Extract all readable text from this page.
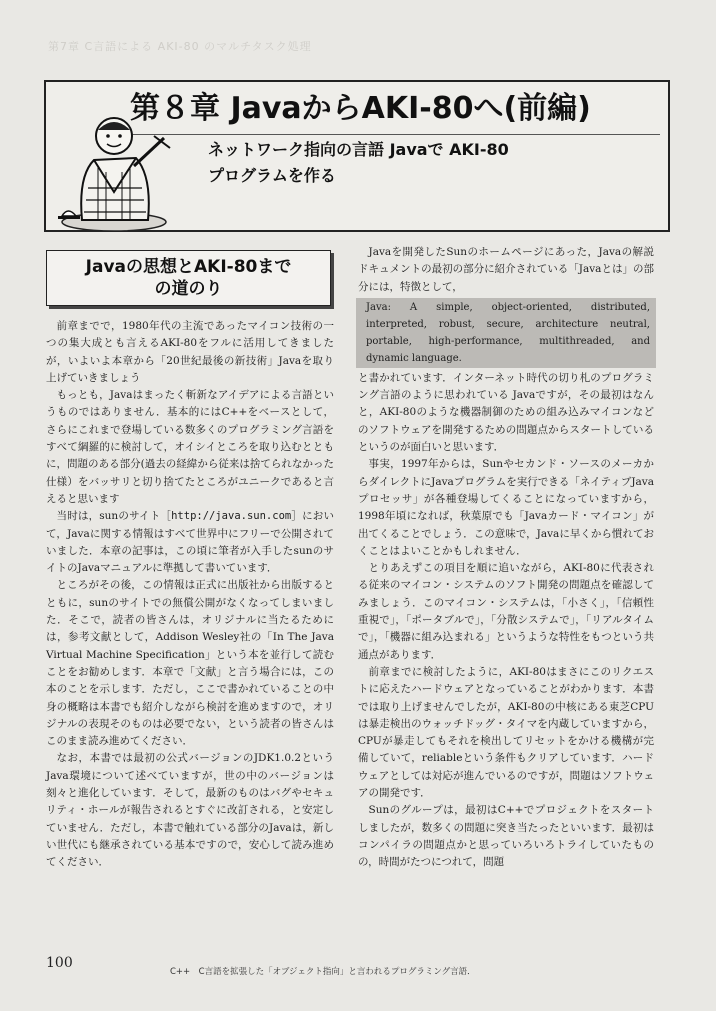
第7章 C言語による AKI-80 のマルチタスク処理
第８章 JavaからAKI-80へ(前編)
ネットワーク指向の言語 Javaで AKI-80
プログラムを作る
Javaの思想とAKI-80まで
の道のり

前章までで，1980年代の主流であったマイコン技術の一つの集大成とも言えるAKI-80をフルに活用してきましたが，いよいよ本章から「20世紀最後の新技術」Javaを取り上げていきましょう

もっとも，Javaはまったく斬新なアイデアによる言語というものではありません．基本的にはC++をベースとして，さらにこれまで登場している数多くのプログラミング言語をすべて綱羅的に検討して，オイシイところを取り込むとともに，問題のある部分(過去の経緯から従来は捨てられなかった仕様）をバッサリと切り捨てたところがユニークであると言えると思います

当时は，sunのサイト［http://java.sun.com］において，Javaに関する情報はすべて世界中にフリーで公開されていました．本章の記事は，この頃に筆者が入手したsunのサイトのJavaマニュアルに準拠して書いています．

ところがその後，この情報は正式に出版社から出版するとともに，sunのサイトでの無償公開がなくなってしまいました．そこで，読者の皆さんは，オリジナルに当たるためには，参考文献として，Addison Wesley社の「In The Java Virtual Machine Specification」という本を並行して読むことをお勧めします．本章で「文献」と言う場合には，この本のことを示します．ただし，ここで書かれていることの中身の概略は本書でも紹介しながら検討を進めますので，オリジナルの表現そのものは必要でない，という読者の皆さんはこのまま読み進めてください．

なお，本書では最初の公式バージョンのJDK1.0.2という Java環境について述べていますが，世の中のバージョンは刻々と進化しています．そして，最新のものはバグやセキュリティ・ホールが報告されるとすぐに改訂される，と安定していません．ただし，本書で触れている部分のJavaは，新しい世代にも継承されている基本ですので，安心して読み進めてください．

Javaを開発したSunのホームページにあった，Javaの解説ドキュメントの最初の部分に紹介されている「Javaとは」の部分には，特徴として，

Java: A simple, object-oriented, distributed, interpreted, robust, secure, architecture neutral, portable, high-performance, multithreaded, and dynamic language.

と書かれています．インターネット時代の切り札のプログラミング言語のように思われている Javaですが，その最初はなんと，AKI-80のような機器制御のための組み込みマイコンなどのソフトウェアを開発するための問題点からスタートしているというのが面白いと思います．

事実，1997年からは，Sunやセカンド・ソースのメーカからダイレクトにJavaプログラムを実行できる「ネイティブJavaプロセッサ」が各種登場してくることになっていますから，1998年頃になれば，秋葉原でも「Javaカード・マイコン」が出てくることでしょう．この意味で，Javaに早くから慣れておくことはよいことかもしれません．

とりあえずこの項目を順に追いながら，AKI-80に代表される従来のマイコン・システムのソフト開発の問題点を確認してみましょう．このマイコン・システムは，「小さく」，「信頼性重視で」，「ポータブルで」，「分散システムで」，「リアルタイムで」，「機器に組み込まれる」というような特性をもつという共通点があります．

前章までに検討したように，AKI-80はまさにこのリクエストに応えたハードウェアとなっていることがわかります．本書では取り上げませんでしたが，AKI-80の中核にある東芝CPUは暴走検出のウォッチドッグ・タイマを内蔵していますから，CPUが暴走してもそれを検出してリセットをかける機構が完備していて，reliableという条件もクリアしています．ハードウェアとしては対応が進んでいるのですが，問題はソフトウェアの開発です．

Sunのグループは，最初はC++でプロジェクトをスタートしましたが，数多くの問題に突き当たったといいます．最初はコンパイラの問題点かと思っていろいろトライしていたものの，時間がたつにつれて，問題

100
C++　C言語を拡張した「オブジェクト指向」と言われるプログラミング言語．
